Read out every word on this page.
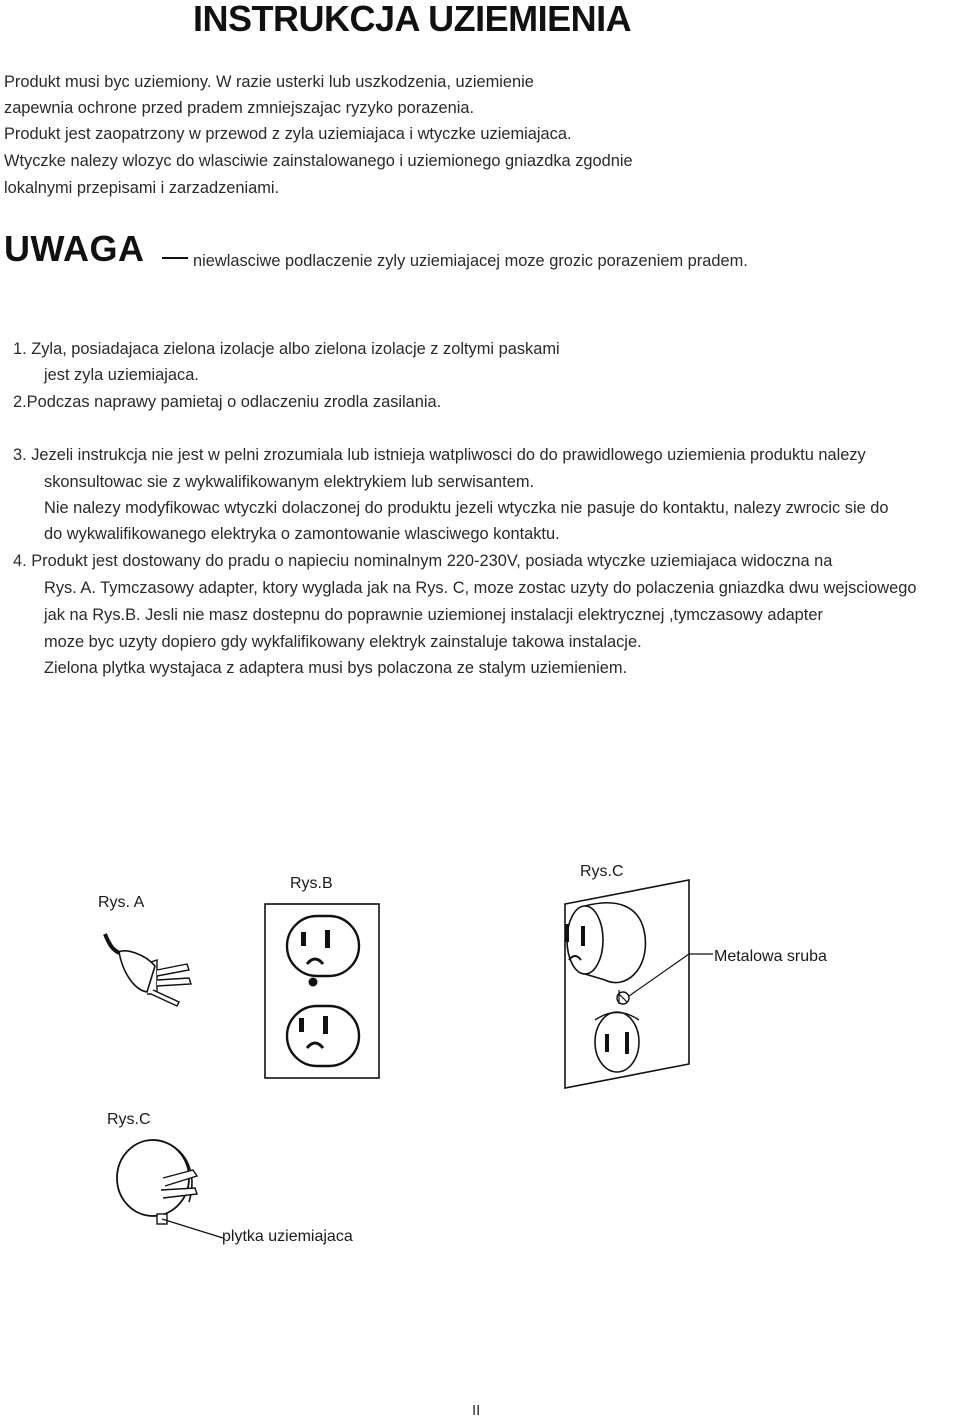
INSTRUKCJA UZIEMIENIA
Produkt musi byc uziemiony. W razie usterki lub uszkodzenia, uziemienie
zapewnia ochrone przed pradem zmniejszajac ryzyko porazenia.
Produkt jest zaopatrzony w przewod z zyla uziemiajaca i wtyczke uziemiajaca.
Wtyczke nalezy wlozyc do wlasciwie zainstalowanego i uziemionego gniazdka zgodnie
lokalnymi przepisami i zarzadzeniami.
UWAGA	niewlasciwe podlaczenie zyly uziemiajacej moze grozic porazeniem pradem.
1. Zyla, posiadajaca zielona izolacje albo zielona izolacje z zoltymi paskami
jest zyla uziemiajaca.
2.Podczas naprawy pamietaj o odlaczeniu zrodla zasilania.
3. Jezeli instrukcja nie jest w pelni zrozumiala lub istnieja watpliwosci do do prawidlowego uziemienia produktu nalezy
skonsultowac sie z wykwalifikowanym elektrykiem lub serwisantem.
Nie nalezy modyfikowac wtyczki dolaczonej do produktu jezeli wtyczka nie pasuje do kontaktu, nalezy zwrocic sie do
do wykwalifikowanego elektryka o zamontowanie wlasciwego kontaktu.
4. Produkt jest dostowany do pradu o napieciu nominalnym 220-230V, posiada wtyczke uziemiajaca widoczna na
Rys. A. Tymczasowy adapter, ktory wyglada jak na Rys. C, moze zostac uzyty do polaczenia gniazdka dwu wejsciowego
jak na Rys.B. Jesli nie masz dostepnu do poprawnie uziemionej instalacji elektrycznej ,tymczasowy adapter
moze byc uzyty dopiero gdy wykfalifikowany elektryk zainstaluje takowa instalacje.
Zielona plytka wystajaca z adaptera musi bys polaczona ze stalym uziemieniem.
Rys. A
Rys.B
Rys.C
Metalowa sruba
Rys.C
plytka uziemiajaca
II
